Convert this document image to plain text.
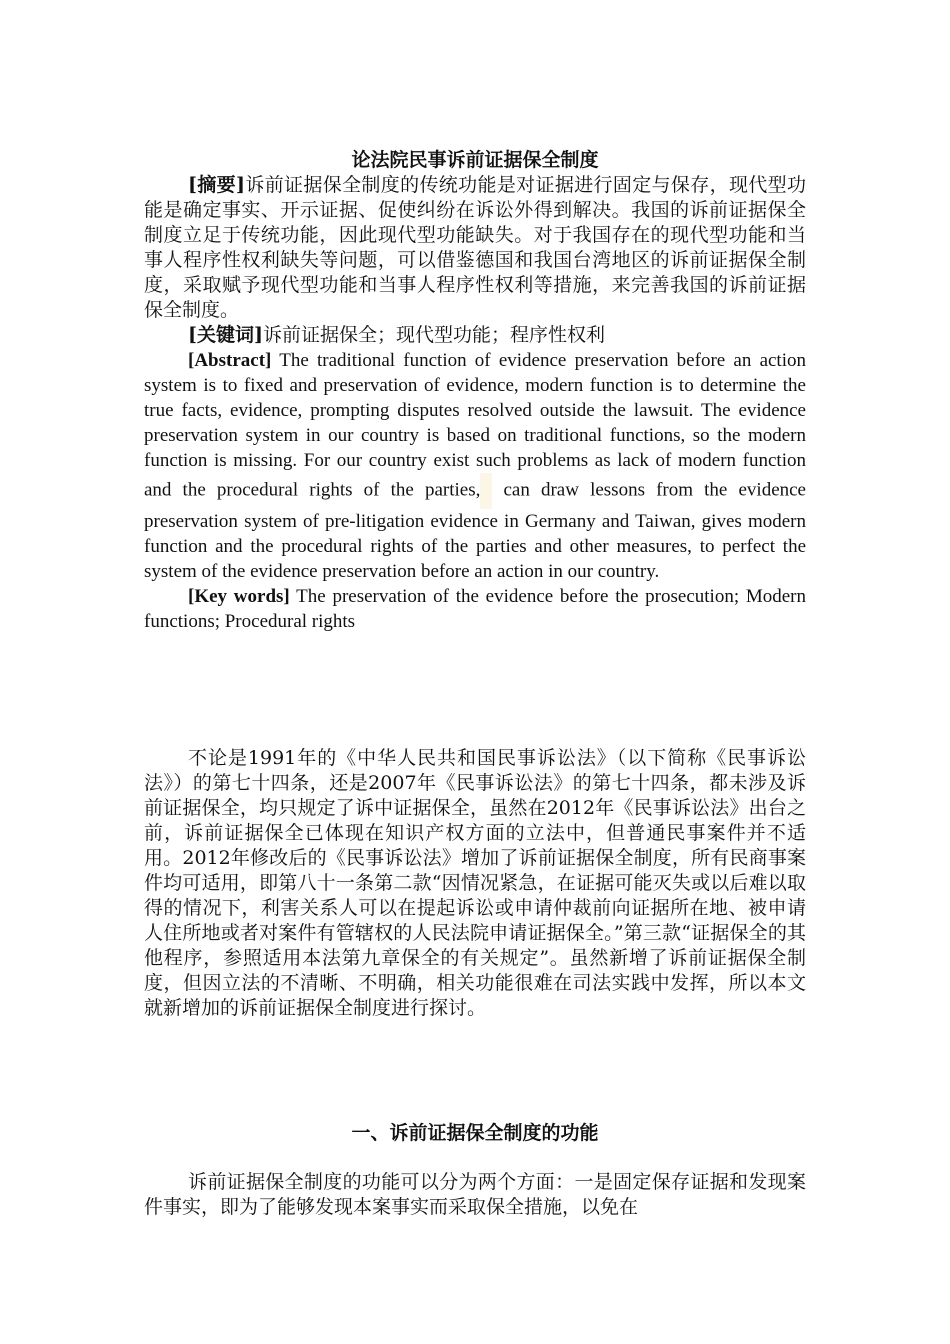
论法院民事诉前证据保全制度

[摘要]诉前证据保全制度的传统功能是对证据进行固定与保存，现代型功能是确定事实、开示证据、促使纠纷在诉讼外得到解决。我国的诉前证据保全制度立足于传统功能，因此现代型功能缺失。对于我国存在的现代型功能和当事人程序性权利缺失等问题，可以借鉴德国和我国台湾地区的诉前证据保全制度，采取赋予现代型功能和当事人程序性权利等措施，来完善我国的诉前证据保全制度。

[关键词]诉前证据保全；现代型功能；程序性权利

[Abstract] The traditional function of evidence preservation before an action system is to fixed and preservation of evidence, modern function is to determine the true facts, evidence, prompting disputes resolved outside the lawsuit. The evidence preservation system in our country is based on traditional functions, so the modern function is missing. For our country exist such problems as lack of modern function and the procedural rights of the parties, can draw lessons from the evidence preservation system of pre-litigation evidence in Germany and Taiwan, gives modern function and the procedural rights of the parties and other measures, to perfect the system of the evidence preservation before an action in our country.

[Key words] The preservation of the evidence before the prosecution; Modern functions; Procedural rights

不论是1991年的《中华人民共和国民事诉讼法》（以下简称《民事诉讼法》）的第七十四条，还是2007年《民事诉讼法》的第七十四条，都未涉及诉前证据保全，均只规定了诉中证据保全，虽然在2012年《民事诉讼法》出台之前，诉前证据保全已体现在知识产权方面的立法中，但普通民事案件并不适用。2012年修改后的《民事诉讼法》增加了诉前证据保全制度，所有民商事案件均可适用，即第八十一条第二款“因情况紧急，在证据可能灭失或以后难以取得的情况下，利害关系人可以在提起诉讼或申请仲裁前向证据所在地、被申请人住所地或者对案件有管辖权的人民法院申请证据保全。”第三款“证据保全的其他程序，参照适用本法第九章保全的有关规定”。虽然新增了诉前证据保全制度，但因立法的不清晰、不明确，相关功能很难在司法实践中发挥，所以本文就新增加的诉前证据保全制度进行探讨。

一、诉前证据保全制度的功能

诉前证据保全制度的功能可以分为两个方面：一是固定保存证据和发现案件事实，即为了能够发现本案事实而采取保全措施，以免在
